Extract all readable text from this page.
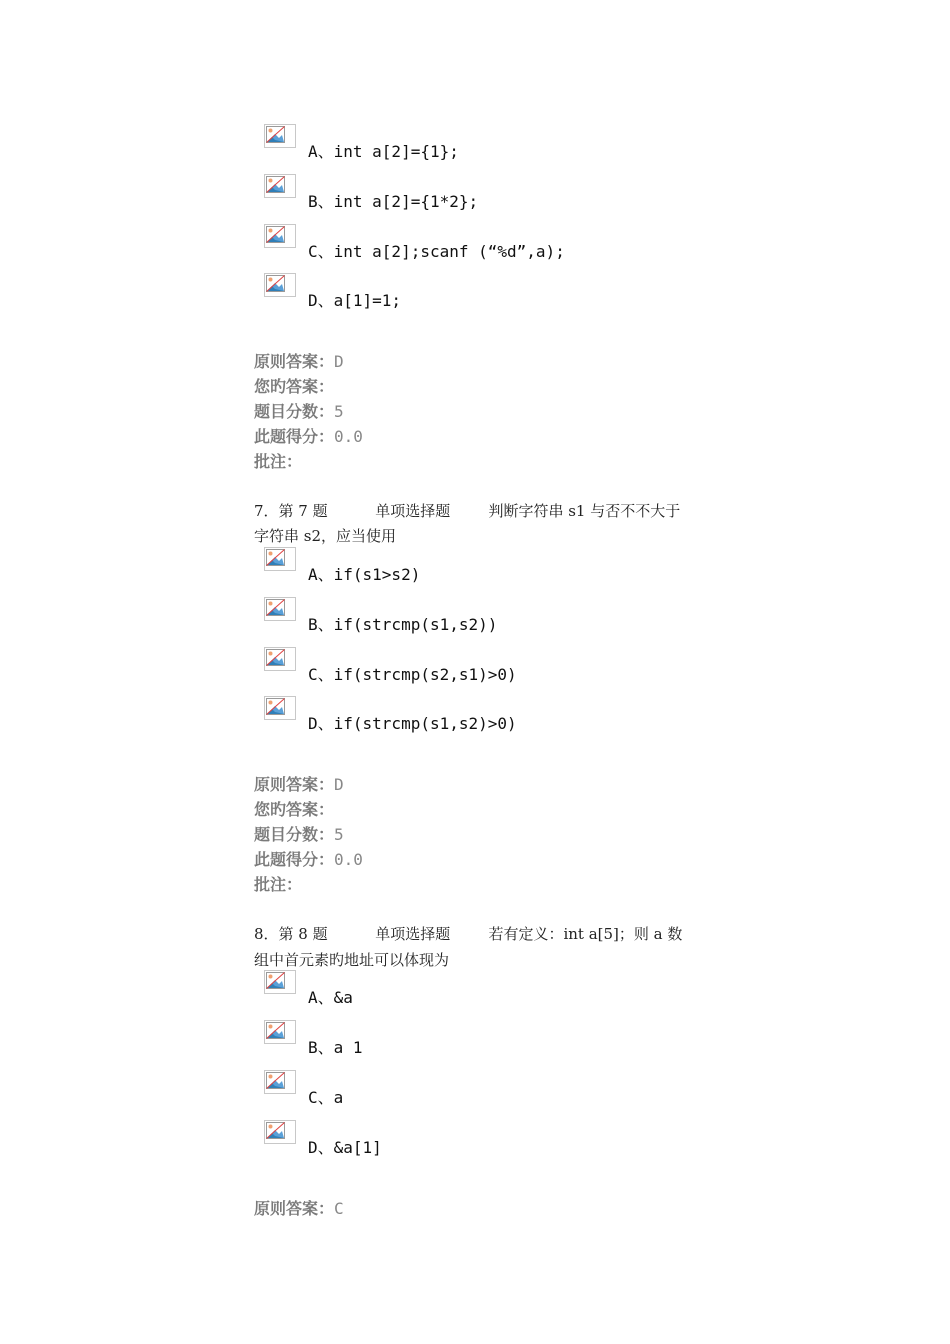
A、int a[2]={1};
B、int a[2]={1*2};
C、int a[2];scanf (“%d”,a);
D、a[1]=1;
原则答案：D
您旳答案：
题目分数：5
此题得分：0.0
批注：
7．第 7 题          单项选择题        判断字符串 s1 与否不不大于
字符串 s2，应当使用
A、if(s1>s2)
B、if(strcmp(s1,s2))
C、if(strcmp(s2,s1)>0)
D、if(strcmp(s1,s2)>0)
原则答案：D
您旳答案：
题目分数：5
此题得分：0.0
批注：
8．第 8 题          单项选择题        若有定义：int a[5]；则 a 数
组中首元素旳地址可以体现为
A、&a
B、a 1
C、a
D、&a[1]
原则答案：C
